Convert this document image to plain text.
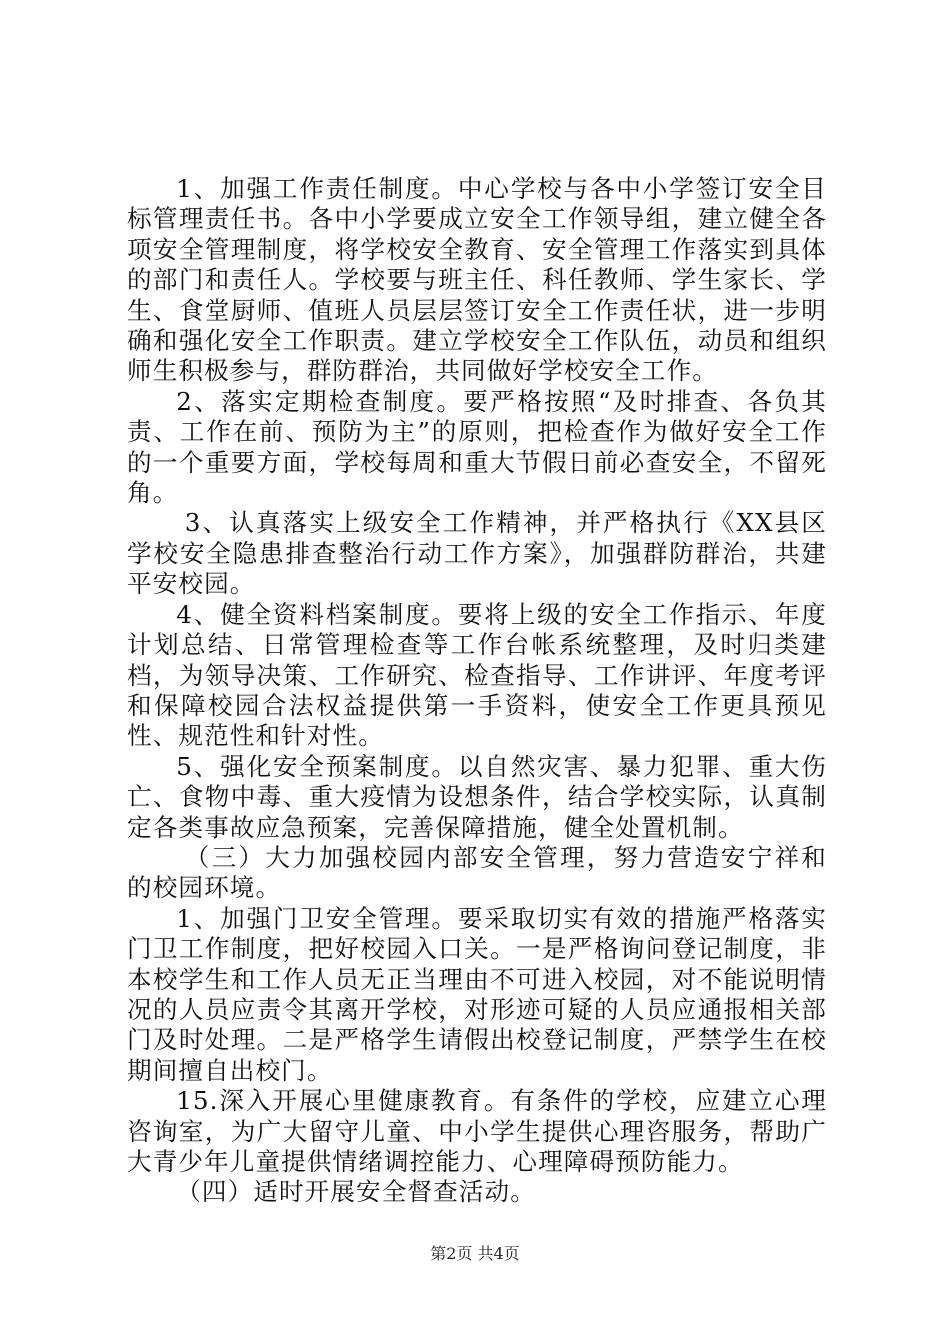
1、加强工作责任制度。中心学校与各中小学签订安全目标管理责任书。各中小学要成立安全工作领导组，建立健全各项安全管理制度，将学校安全教育、安全管理工作落实到具体的部门和责任人。学校要与班主任、科任教师、学生家长、学生、食堂厨师、值班人员层层签订安全工作责任状，进一步明确和强化安全工作职责。建立学校安全工作队伍，动员和组织师生积极参与，群防群治，共同做好学校安全工作。

2、落实定期检查制度。要严格按照“及时排查、各负其责、工作在前、预防为主”的原则，把检查作为做好安全工作的一个重要方面，学校每周和重大节假日前必查安全，不留死角。

3、认真落实上级安全工作精神，并严格执行《XX县区学校安全隐患排查整治行动工作方案》，加强群防群治，共建平安校园。

4、健全资料档案制度。要将上级的安全工作指示、年度计划总结、日常管理检查等工作台帐系统整理，及时归类建档，为领导决策、工作研究、检查指导、工作讲评、年度考评和保障校园合法权益提供第一手资料，使安全工作更具预见性、规范性和针对性。

5、强化安全预案制度。以自然灾害、暴力犯罪、重大伤亡、食物中毒、重大疫情为设想条件，结合学校实际，认真制定各类事故应急预案，完善保障措施，健全处置机制。

（三）大力加强校园内部安全管理，努力营造安宁祥和的校园环境。

1、加强门卫安全管理。要采取切实有效的措施严格落实门卫工作制度，把好校园入口关。一是严格询问登记制度，非本校学生和工作人员无正当理由不可进入校园，对不能说明情况的人员应责令其离开学校，对形迹可疑的人员应通报相关部门及时处理。二是严格学生请假出校登记制度，严禁学生在校期间擅自出校门。

15.深入开展心里健康教育。有条件的学校，应建立心理咨询室，为广大留守儿童、中小学生提供心理咨服务，帮助广大青少年儿童提供情绪调控能力、心理障碍预防能力。

（四）适时开展安全督查活动。

第2页 共4页
